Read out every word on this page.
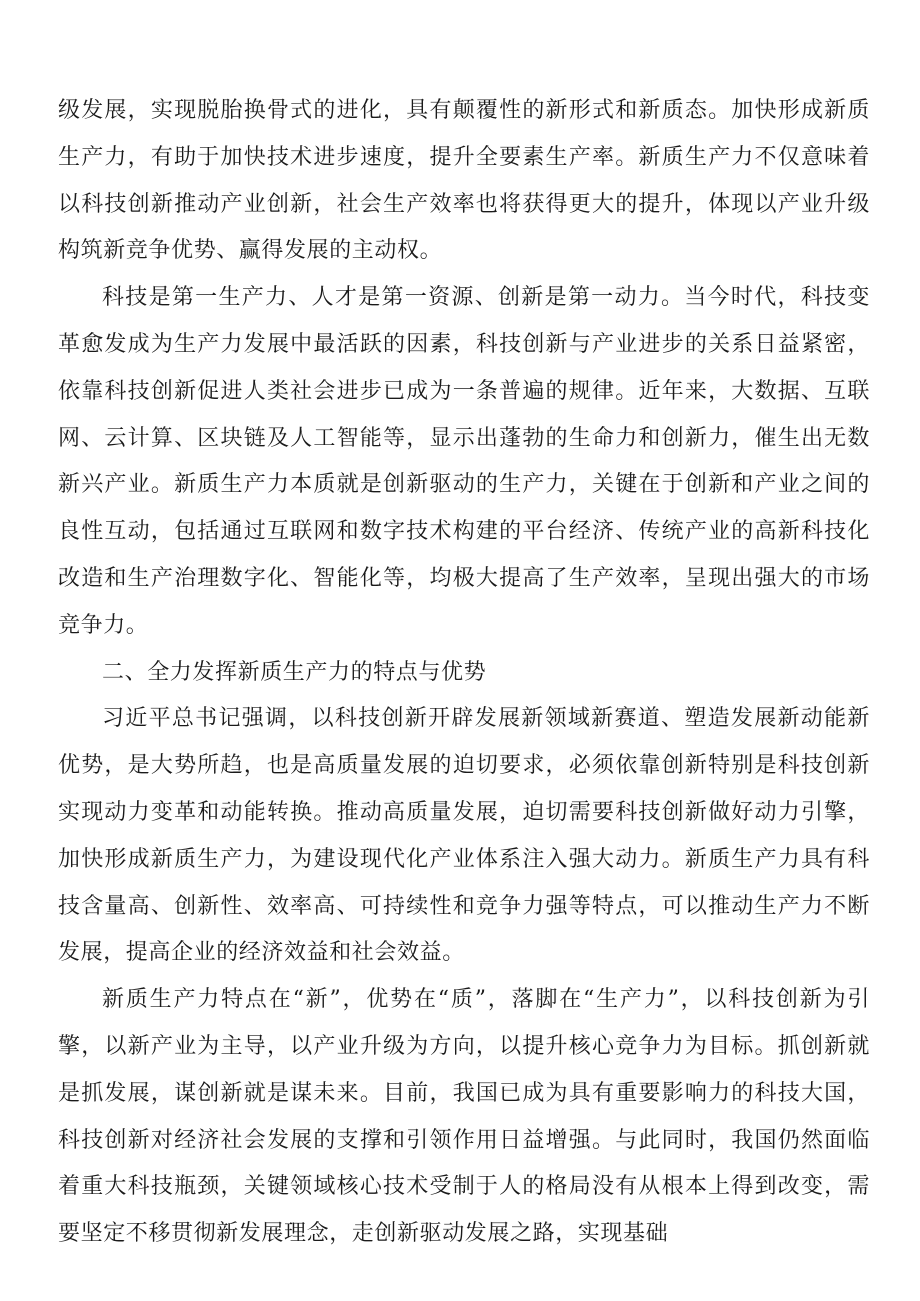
级发展，实现脱胎换骨式的进化，具有颠覆性的新形式和新质态。加快形成新质生产力，有助于加快技术进步速度，提升全要素生产率。新质生产力不仅意味着以科技创新推动产业创新，社会生产效率也将获得更大的提升，体现以产业升级构筑新竞争优势、赢得发展的主动权。

科技是第一生产力、人才是第一资源、创新是第一动力。当今时代，科技变革愈发成为生产力发展中最活跃的因素，科技创新与产业进步的关系日益紧密，依靠科技创新促进人类社会进步已成为一条普遍的规律。近年来，大数据、互联网、云计算、区块链及人工智能等，显示出蓬勃的生命力和创新力，催生出无数新兴产业。新质生产力本质就是创新驱动的生产力，关键在于创新和产业之间的良性互动，包括通过互联网和数字技术构建的平台经济、传统产业的高新科技化改造和生产治理数字化、智能化等，均极大提高了生产效率，呈现出强大的市场竞争力。

二、全力发挥新质生产力的特点与优势

习近平总书记强调，以科技创新开辟发展新领域新赛道、塑造发展新动能新优势，是大势所趋，也是高质量发展的迫切要求，必须依靠创新特别是科技创新实现动力变革和动能转换。推动高质量发展，迫切需要科技创新做好动力引擎，加快形成新质生产力，为建设现代化产业体系注入强大动力。新质生产力具有科技含量高、创新性、效率高、可持续性和竞争力强等特点，可以推动生产力不断发展，提高企业的经济效益和社会效益。

新质生产力特点在“新”，优势在“质”，落脚在“生产力”，以科技创新为引擎，以新产业为主导，以产业升级为方向，以提升核心竞争力为目标。抓创新就是抓发展，谋创新就是谋未来。目前，我国已成为具有重要影响力的科技大国，科技创新对经济社会发展的支撑和引领作用日益增强。与此同时，我国仍然面临着重大科技瓶颈，关键领域核心技术受制于人的格局没有从根本上得到改变，需要坚定不移贯彻新发展理念，走创新驱动发展之路，实现基础
